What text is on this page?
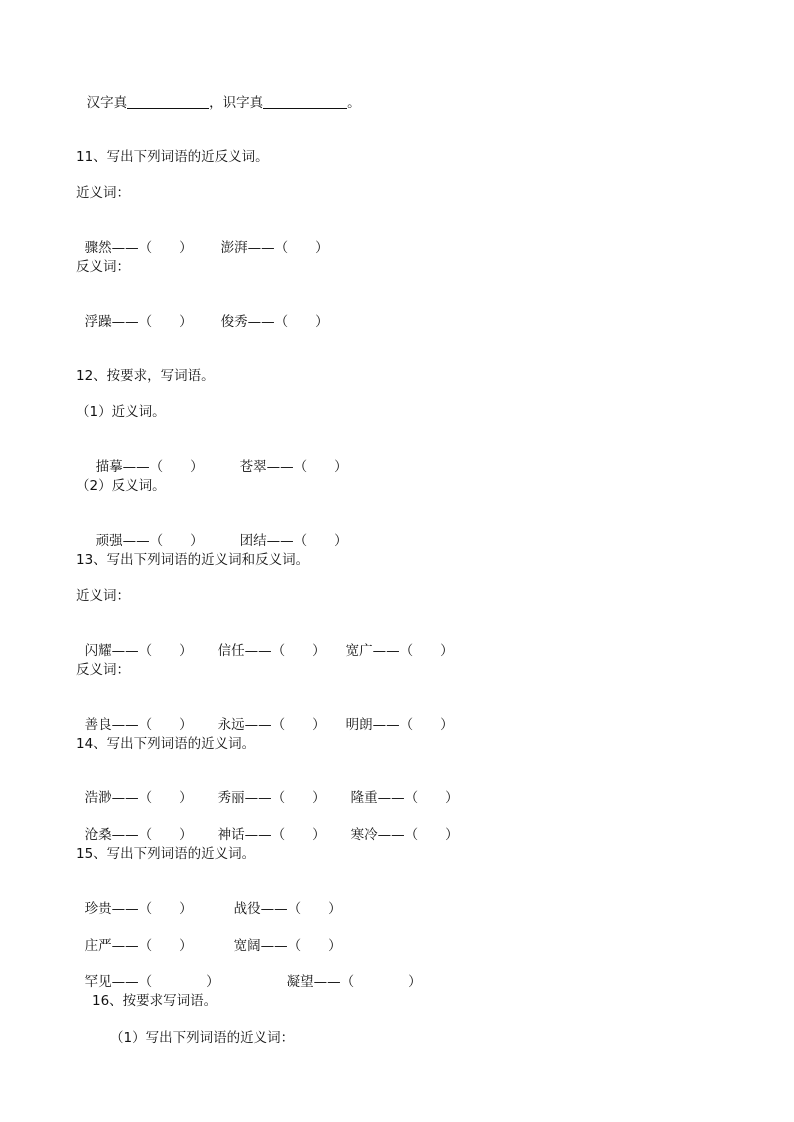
汉字真	，识字真	。

11、写出下列词语的近反义词。
近义词：

骤然——（　　） 澎湃——（　　）

反义词：

浮躁——（　　） 俊秀——（　　）

12、按要求，写词语。
（1）近义词。

描摹——（　　）	苍翠——（　　）

（2）反义词。

顽强——（　　）	团结——（　　）

13、写出下列词语的近义词和反义词。
近义词：

闪耀——（　　） 信任——（　　） 宽广——（　　）

反义词：

善良——（　　） 永远——（　　） 明朗——（　　）

14、写出下列词语的近义词。

浩渺——（　　） 秀丽——（　　） 隆重——（　　）

沧桑——（　　） 神话——（　　） 寒冷——（　　）

15、写出下列词语的近义词。

珍贵——（　　）	战役——（　　）

庄严——（　　）	宽阔——（　　）

罕见——（　　　　）	凝望——（　　　　）

16、按要求写词语。
（1）写出下列词语的近义词：
